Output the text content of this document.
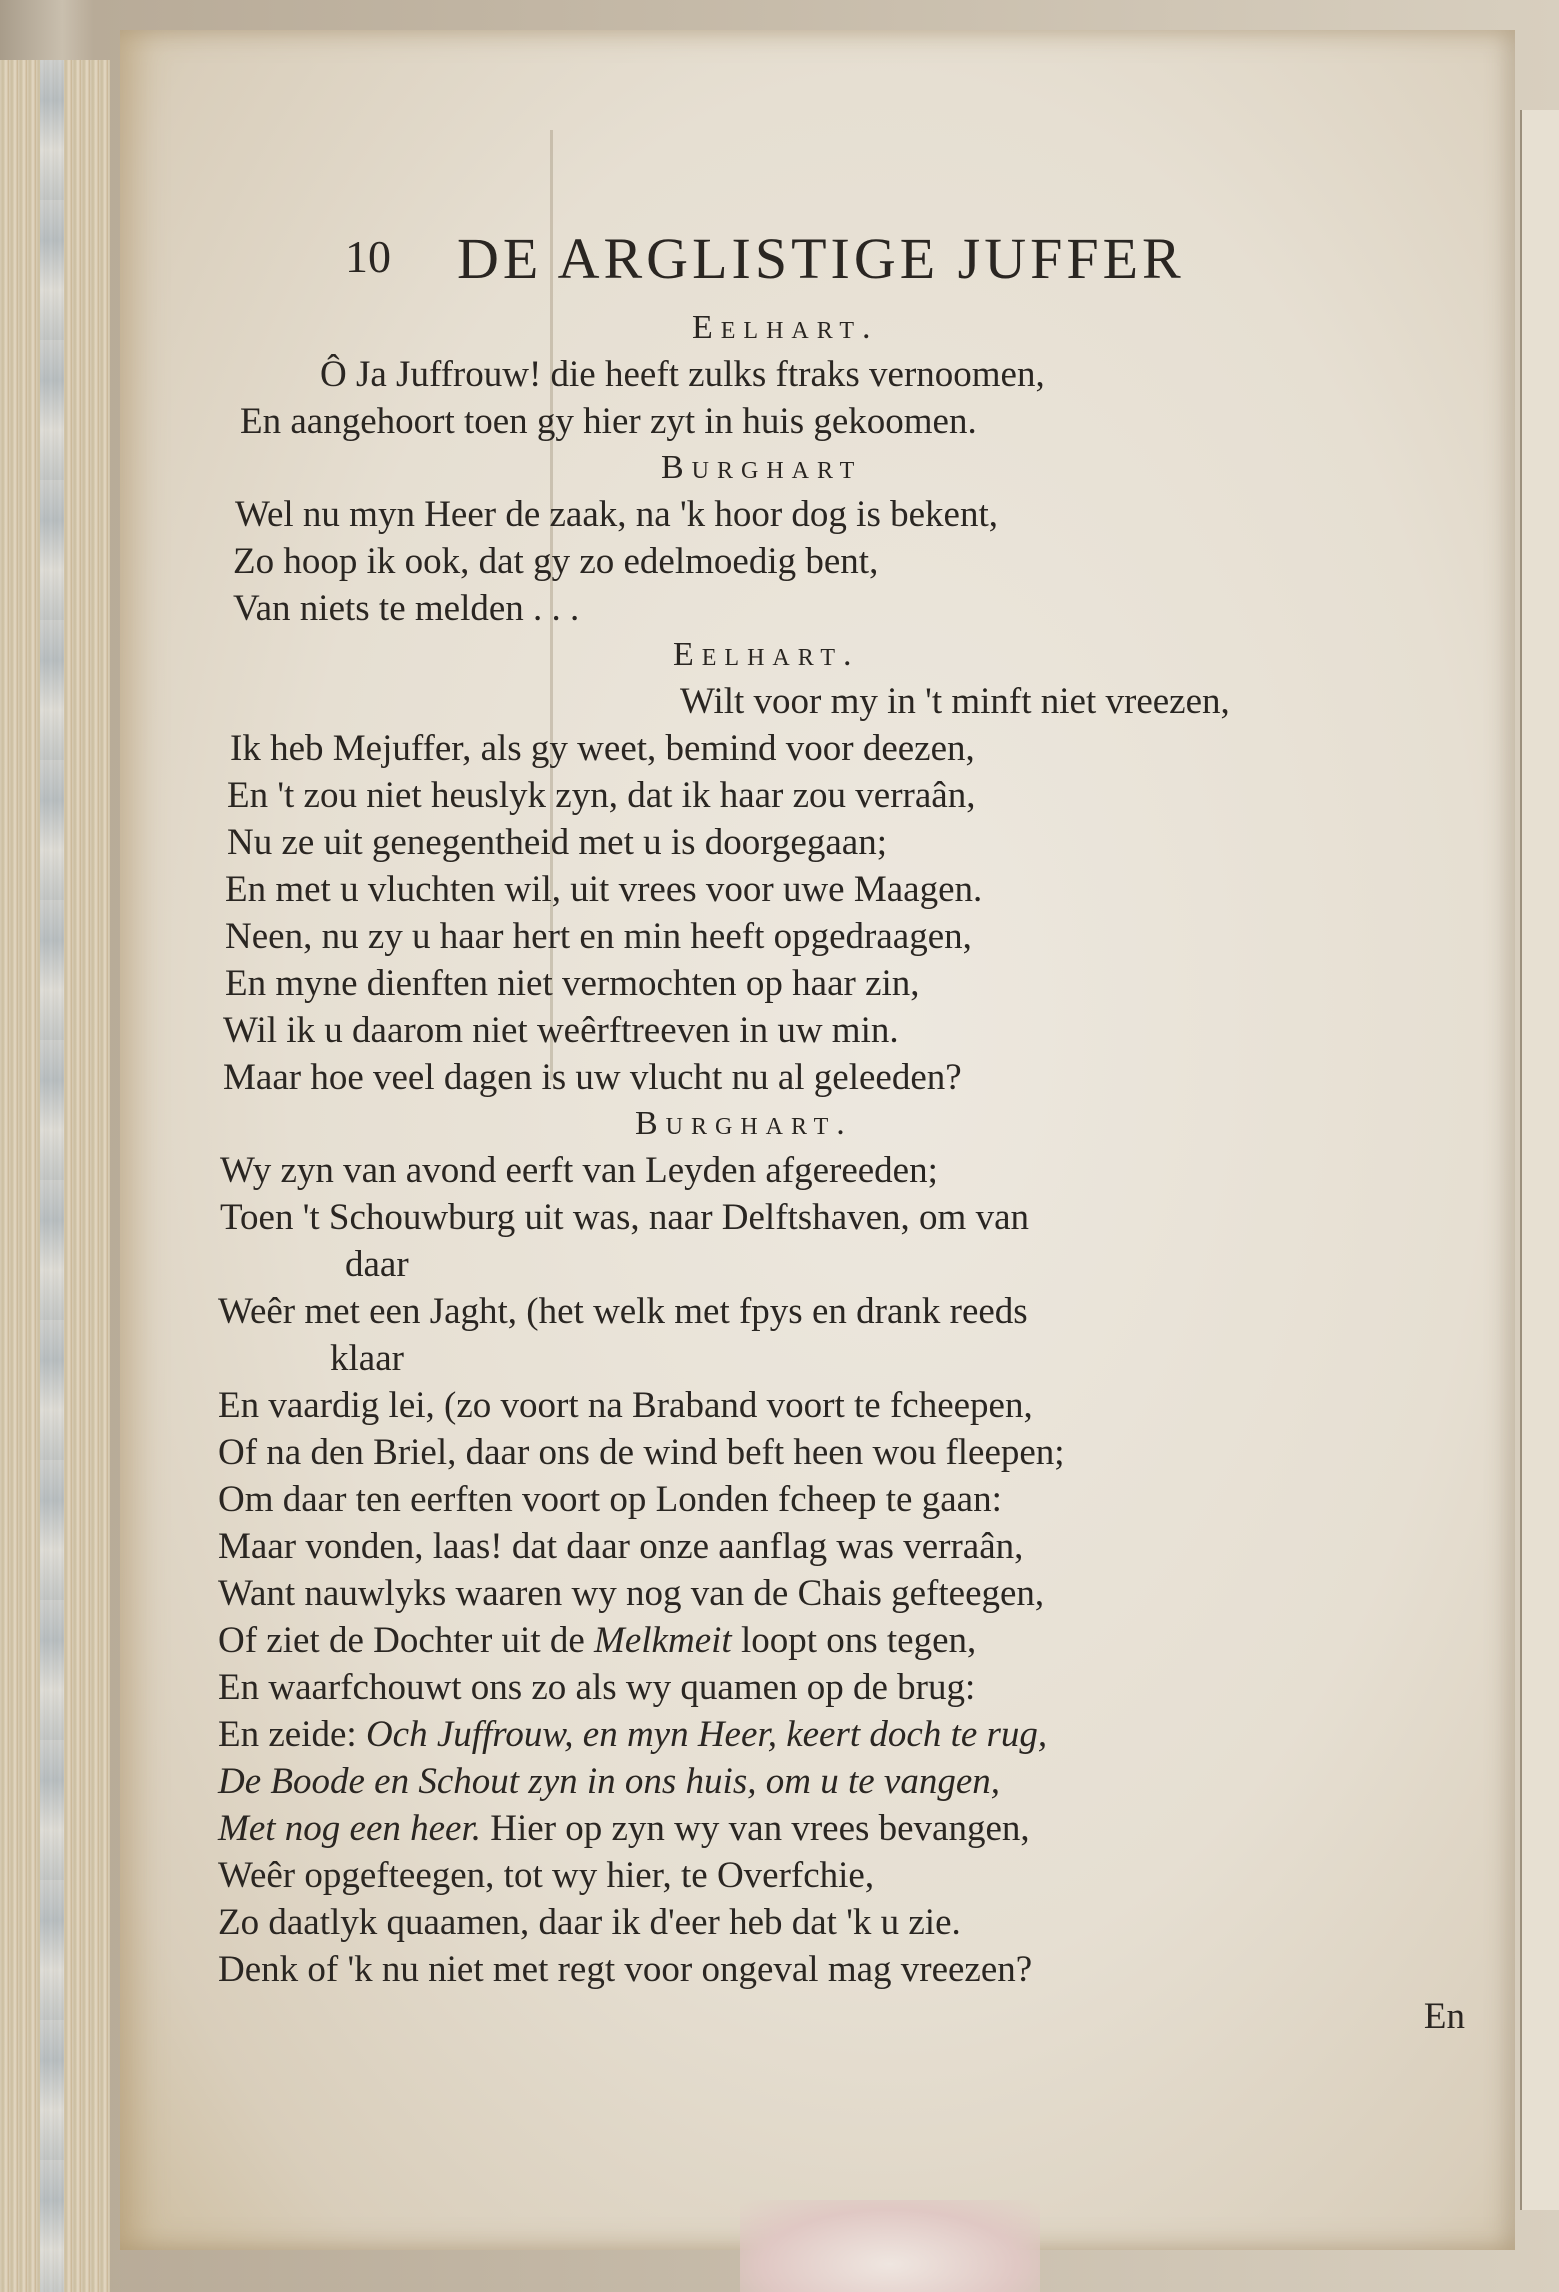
10 DE ARGLISTIGE JUFFER
Eelhart.
Ô Ja Juffrouw! die heeft zulks ftraks vernoomen,
En aangehoort toen gy hier zyt in huis gekoomen.
Burghart
Wel nu myn Heer de zaak, na 'k hoor dog is bekent,
Zo hoop ik ook, dat gy zo edelmoedig bent,
Van niets te melden . . .
Eelhart.
Wilt voor my in 't minft niet vreezen,
Ik heb Mejuffer, als gy weet, bemind voor deezen,
En 't zou niet heuslyk zyn, dat ik haar zou verraân,
Nu ze uit genegentheid met u is doorgegaan;
En met u vluchten wil, uit vrees voor uwe Maagen.
Neen, nu zy u haar hert en min heeft opgedraagen,
En myne dienften niet vermochten op haar zin,
Wil ik u daarom niet weêrftreeven in uw min.
Maar hoe veel dagen is uw vlucht nu al geleeden?
Burghart.
Wy zyn van avond eerft van Leyden afgereeden;
Toen 't Schouwburg uit was, naar Delftshaven, om van
daar
Weêr met een Jaght, (het welk met fpys en drank reeds
klaar
En vaardig lei, (zo voort na Braband voort te fcheepen,
Of na den Briel, daar ons de wind beft heen wou fleepen;
Om daar ten eerften voort op Londen fcheep te gaan:
Maar vonden, laas! dat daar onze aanflag was verraân,
Want nauwlyks waaren wy nog van de Chais gefteegen,
Of ziet de Dochter uit de Melkmeit loopt ons tegen,
En waarfchouwt ons zo als wy quamen op de brug:
En zeide: Och Juffrouw, en myn Heer, keert doch te rug,
De Boode en Schout zyn in ons huis, om u te vangen,
Met nog een heer. Hier op zyn wy van vrees bevangen,
Weêr opgefteegen, tot wy hier, te Overfchie,
Zo daatlyk quaamen, daar ik d'eer heb dat 'k u zie.
Denk of 'k nu niet met regt voor ongeval mag vreezen?
En
